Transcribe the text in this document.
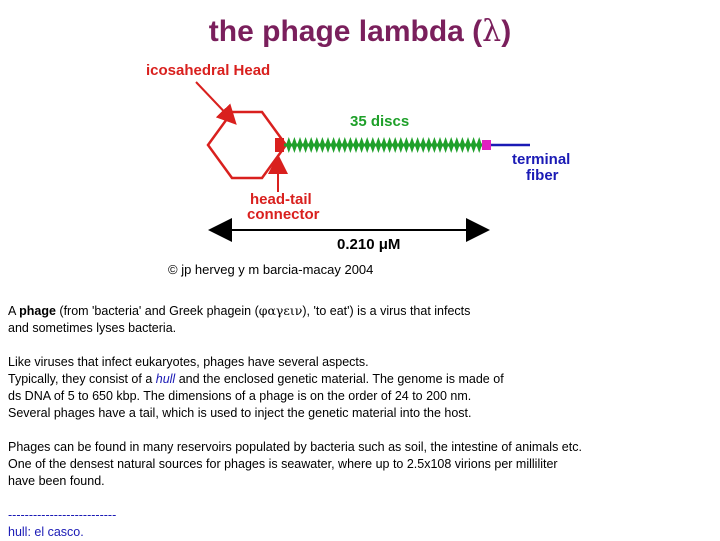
the phage lambda (λ)
icosahedral Head
35 discs
terminal
fiber
head-tail
connector
0.210 μM
© jp herveg y m barcia-macay 2004
A phage (from 'bacteria' and Greek phagein (φαγειν), 'to eat') is a virus that infects
and sometimes lyses bacteria.
Like viruses that infect eukaryotes, phages have several aspects.
Typically, they consist of a hull and the enclosed genetic material. The genome is made of
ds DNA of 5 to 650 kbp. The dimensions of a phage is on the order of 24 to 200 nm.
Several phages have a tail, which is used to inject the genetic material into the host.
Phages can be found in many reservoirs populated by bacteria such as soil, the intestine of animals etc.
One of the densest natural sources for phages is seawater, where up to 2.5x108 virions per milliliter
have been found.
--------------------------
hull: el casco.
